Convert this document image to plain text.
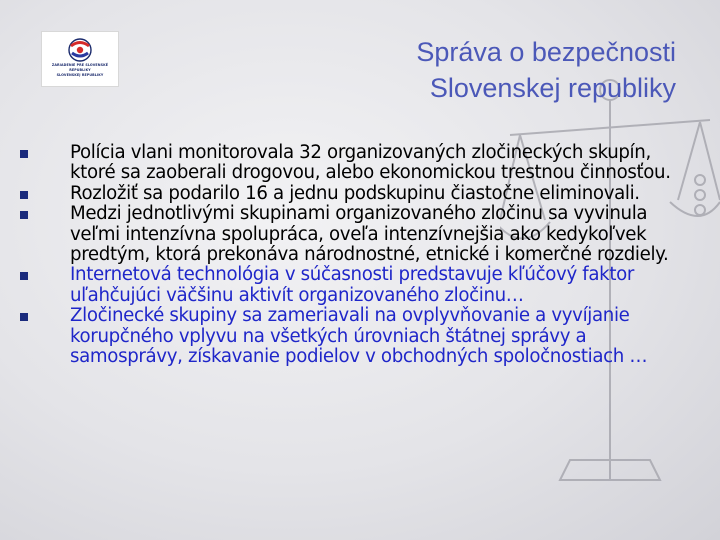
ZARIADENIE PRE SLOVENSKÉ
REPUBLIKY
SLOVENSKEJ REPUBLIKY
Správa o bezpečnosti
Slovenskej republiky
Polícia vlani monitorovala 32 organizovaných zločineckých skupín, ktoré sa zaoberali drogovou, alebo ekonomickou trestnou činnosťou.
Rozložiť sa podarilo 16 a jednu podskupinu čiastočne eliminovali.
Medzi jednotlivými skupinami organizovaného zločinu sa vyvinula veľmi intenzívna spolupráca, oveľa intenzívnejšia ako kedykoľvek predtým, ktorá prekonáva národnostné, etnické i komerčné rozdiely.
Internetová technológia v súčasnosti predstavuje kľúčový faktor uľahčujúci väčšinu aktivít organizovaného zločinu…
Zločinecké skupiny sa zameriavali na ovplyvňovanie a vyvíjanie korupčného vplyvu na všetkých úrovniach štátnej správy a samosprávy, získavanie podielov v obchodných spoločnostiach …
